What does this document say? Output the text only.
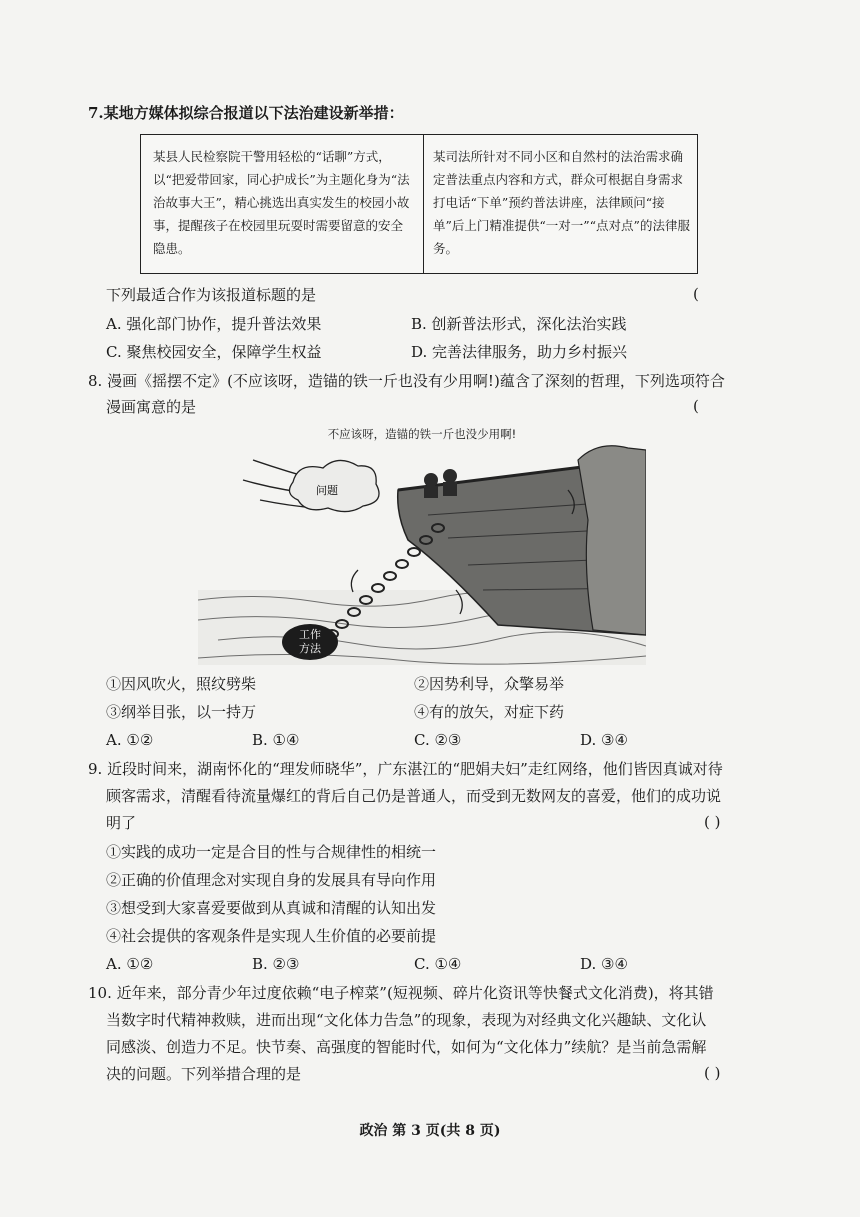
7.某地方媒体拟综合报道以下法治建设新举措：
某县人民检察院干警用轻松的“话聊”方式，以“把爱带回家，同心护成长”为主题化身为“法治故事大王”，精心挑选出真实发生的校园小故事，提醒孩子在校园里玩耍时需要留意的安全隐患。
某司法所针对不同小区和自然村的法治需求确定普法重点内容和方式，群众可根据自身需求打电话“下单”预约普法讲座，法律顾问“接单”后上门精准提供“一对一”“点对点”的法律服务。
下列最适合作为该报道标题的是	(
A. 强化部门协作，提升普法效果	B. 创新普法形式，深化法治实践
C. 聚焦校园安全，保障学生权益	D. 完善法律服务，助力乡村振兴
8. 漫画《摇摆不定》(不应该呀，造锚的铁一斤也没有少用啊!)蕴含了深刻的哲理，下列选项符合
漫画寓意的是	(
不应该呀，造锚的铁一斤也没少用啊!
问题
工作
方法
①因风吹火，照纹劈柴	②因势利导，众擎易举
③纲举目张，以一持万	④有的放矢，对症下药
A. ①②	B. ①④	C. ②③	D. ③④
9. 近段时间来，湖南怀化的“理发师晓华”，广东湛江的“肥娟夫妇”走红网络，他们皆因真诚对待
顾客需求，清醒看待流量爆红的背后自己仍是普通人，而受到无数网友的喜爱，他们的成功说
明了	( )
①实践的成功一定是合目的性与合规律性的相统一
②正确的价值理念对实现自身的发展具有导向作用
③想受到大家喜爱要做到从真诚和清醒的认知出发
④社会提供的客观条件是实现人生价值的必要前提
A. ①②	B. ②③	C. ①④	D. ③④
10. 近年来，部分青少年过度依赖“电子榨菜”(短视频、碎片化资讯等快餐式文化消费)，将其错
当数字时代精神救赎，进而出现“文化体力告急”的现象，表现为对经典文化兴趣缺、文化认
同感淡、创造力不足。快节奏、高强度的智能时代，如何为“文化体力”续航？是当前急需解
决的问题。下列举措合理的是	( )
政治 第 3 页(共 8 页)
